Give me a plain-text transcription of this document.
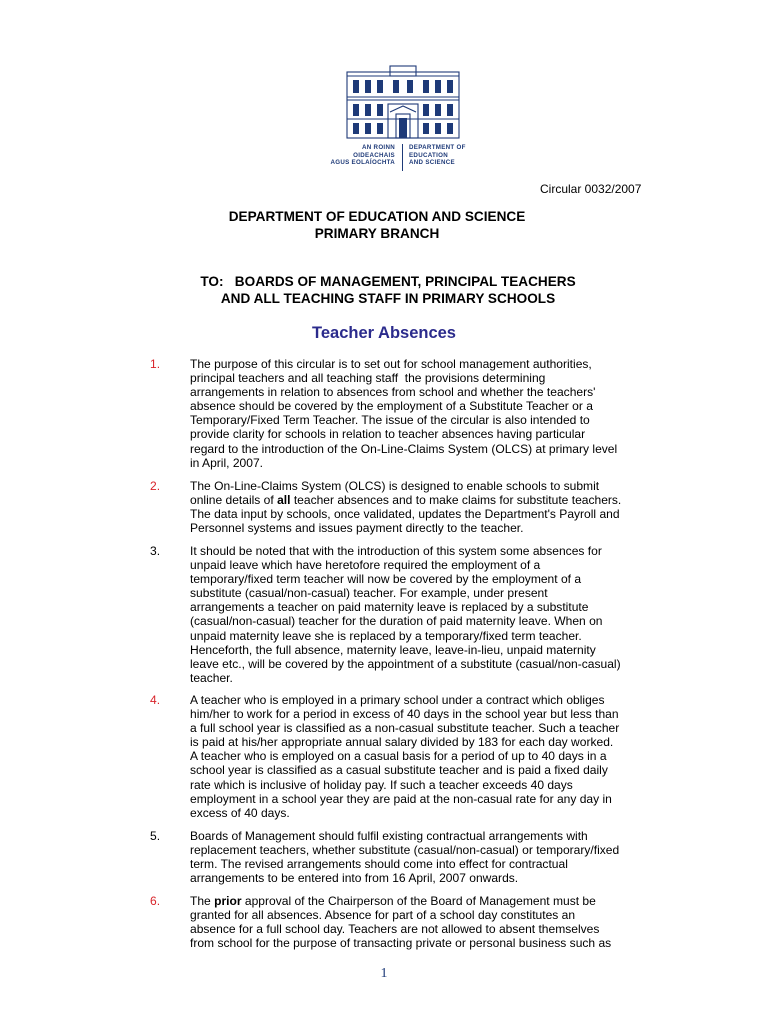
AN ROINN
OIDEACHAIS
AGUS EOLAÍOCHTA
DEPARTMENT OF
EDUCATION
AND SCIENCE
Circular 0032/2007
DEPARTMENT OF EDUCATION AND SCIENCE
PRIMARY BRANCH
TO:   BOARDS OF MANAGEMENT, PRINCIPAL TEACHERS
AND ALL TEACHING STAFF IN PRIMARY SCHOOLS
Teacher Absences
1.	The purpose of this circular is to set out for school management authorities,
principal teachers and all teaching staff  the provisions determining
arrangements in relation to absences from school and whether the teachers'
absence should be covered by the employment of a Substitute Teacher or a
Temporary/Fixed Term Teacher. The issue of the circular is also intended to
provide clarity for schools in relation to teacher absences having particular
regard to the introduction of the On-Line-Claims System (OLCS) at primary level
in April, 2007.
2.	The On-Line-Claims System (OLCS) is designed to enable schools to submit
online details of all teacher absences and to make claims for substitute teachers.
The data input by schools, once validated, updates the Department's Payroll and
Personnel systems and issues payment directly to the teacher.
3.	It should be noted that with the introduction of this system some absences for
unpaid leave which have heretofore required the employment of a
temporary/fixed term teacher will now be covered by the employment of a
substitute (casual/non-casual) teacher. For example, under present
arrangements a teacher on paid maternity leave is replaced by a substitute
(casual/non-casual) teacher for the duration of paid maternity leave. When on
unpaid maternity leave she is replaced by a temporary/fixed term teacher.
Henceforth, the full absence, maternity leave, leave-in-lieu, unpaid maternity
leave etc., will be covered by the appointment of a substitute (casual/non-casual)
teacher.
4.	A teacher who is employed in a primary school under a contract which obliges
him/her to work for a period in excess of 40 days in the school year but less than
a full school year is classified as a non-casual substitute teacher. Such a teacher
is paid at his/her appropriate annual salary divided by 183 for each day worked.
A teacher who is employed on a casual basis for a period of up to 40 days in a
school year is classified as a casual substitute teacher and is paid a fixed daily
rate which is inclusive of holiday pay. If such a teacher exceeds 40 days
employment in a school year they are paid at the non-casual rate for any day in
excess of 40 days.
5.	Boards of Management should fulfil existing contractual arrangements with
replacement teachers, whether substitute (casual/non-casual) or temporary/fixed
term. The revised arrangements should come into effect for contractual
arrangements to be entered into from 16 April, 2007 onwards.
6.	The prior approval of the Chairperson of the Board of Management must be
granted for all absences. Absence for part of a school day constitutes an
absence for a full school day. Teachers are not allowed to absent themselves
from school for the purpose of transacting private or personal business such as
1
